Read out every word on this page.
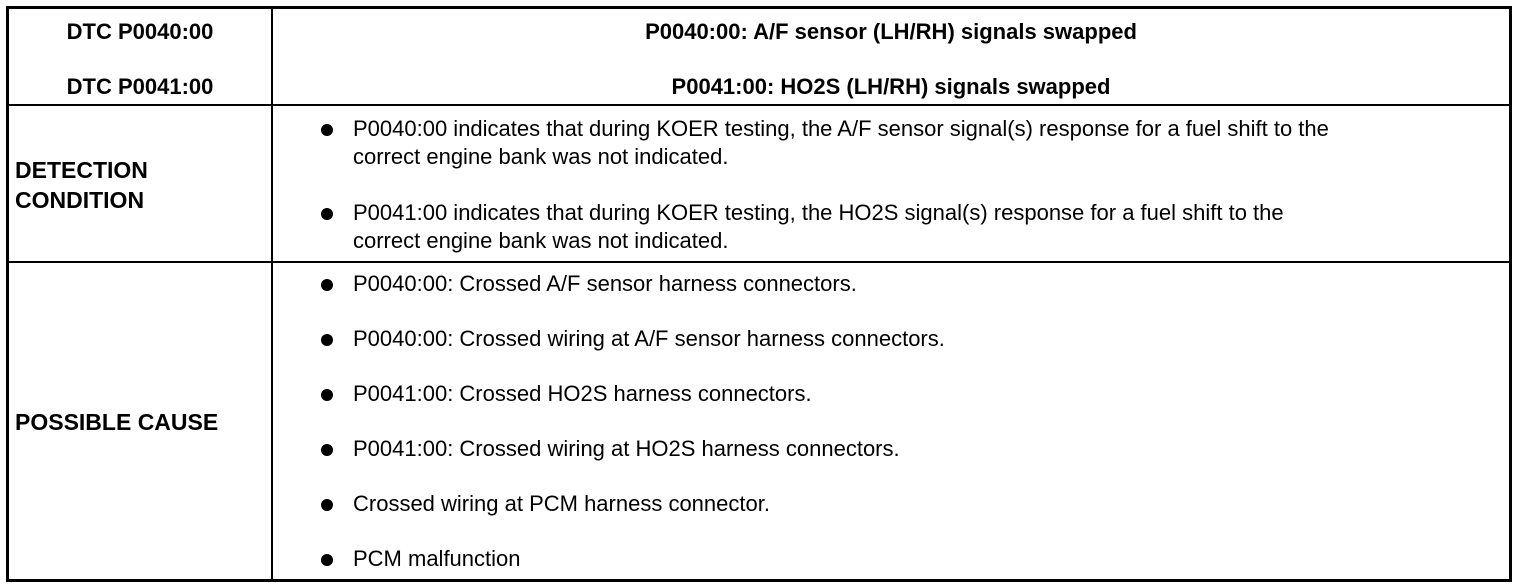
DTC P0040:00
DTC P0041:00
P0040:00: A/F sensor (LH/RH) signals swapped
P0041:00: HO2S (LH/RH) signals swapped
DETECTION
CONDITION
P0040:00 indicates that during KOER testing, the A/F sensor signal(s) response for a fuel shift to the
correct engine bank was not indicated.
P0041:00 indicates that during KOER testing, the HO2S signal(s) response for a fuel shift to the
correct engine bank was not indicated.
POSSIBLE CAUSE
P0040:00: Crossed A/F sensor harness connectors.
P0040:00: Crossed wiring at A/F sensor harness connectors.
P0041:00: Crossed HO2S harness connectors.
P0041:00: Crossed wiring at HO2S harness connectors.
Crossed wiring at PCM harness connector.
PCM malfunction
